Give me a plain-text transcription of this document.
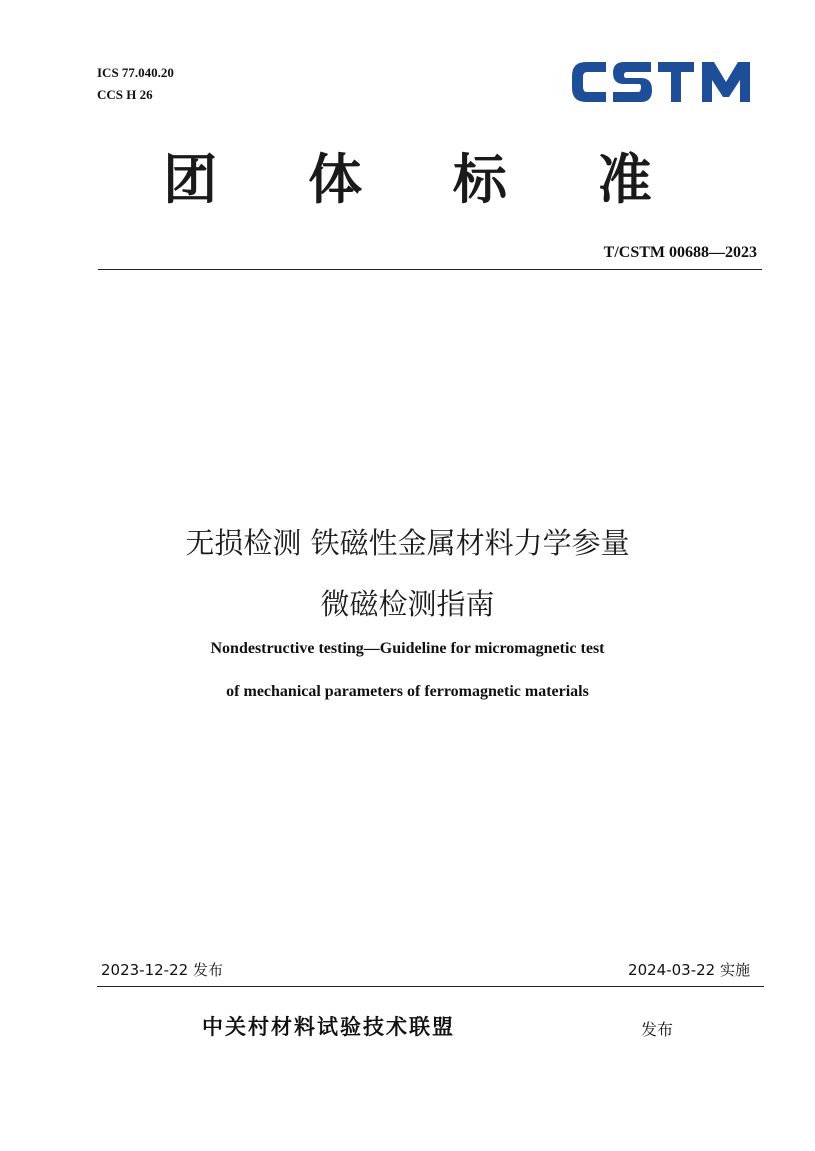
ICS 77.040.20
CCS H 26
团 体 标 准
T/CSTM 00688—2023
无损检测 铁磁性金属材料力学参量
微磁检测指南
Nondestructive testing—Guideline for micromagnetic test
of mechanical parameters of ferromagnetic materials
2023-12-22 发布	2024-03-22 实施
中关村材料试验技术联盟	发布
